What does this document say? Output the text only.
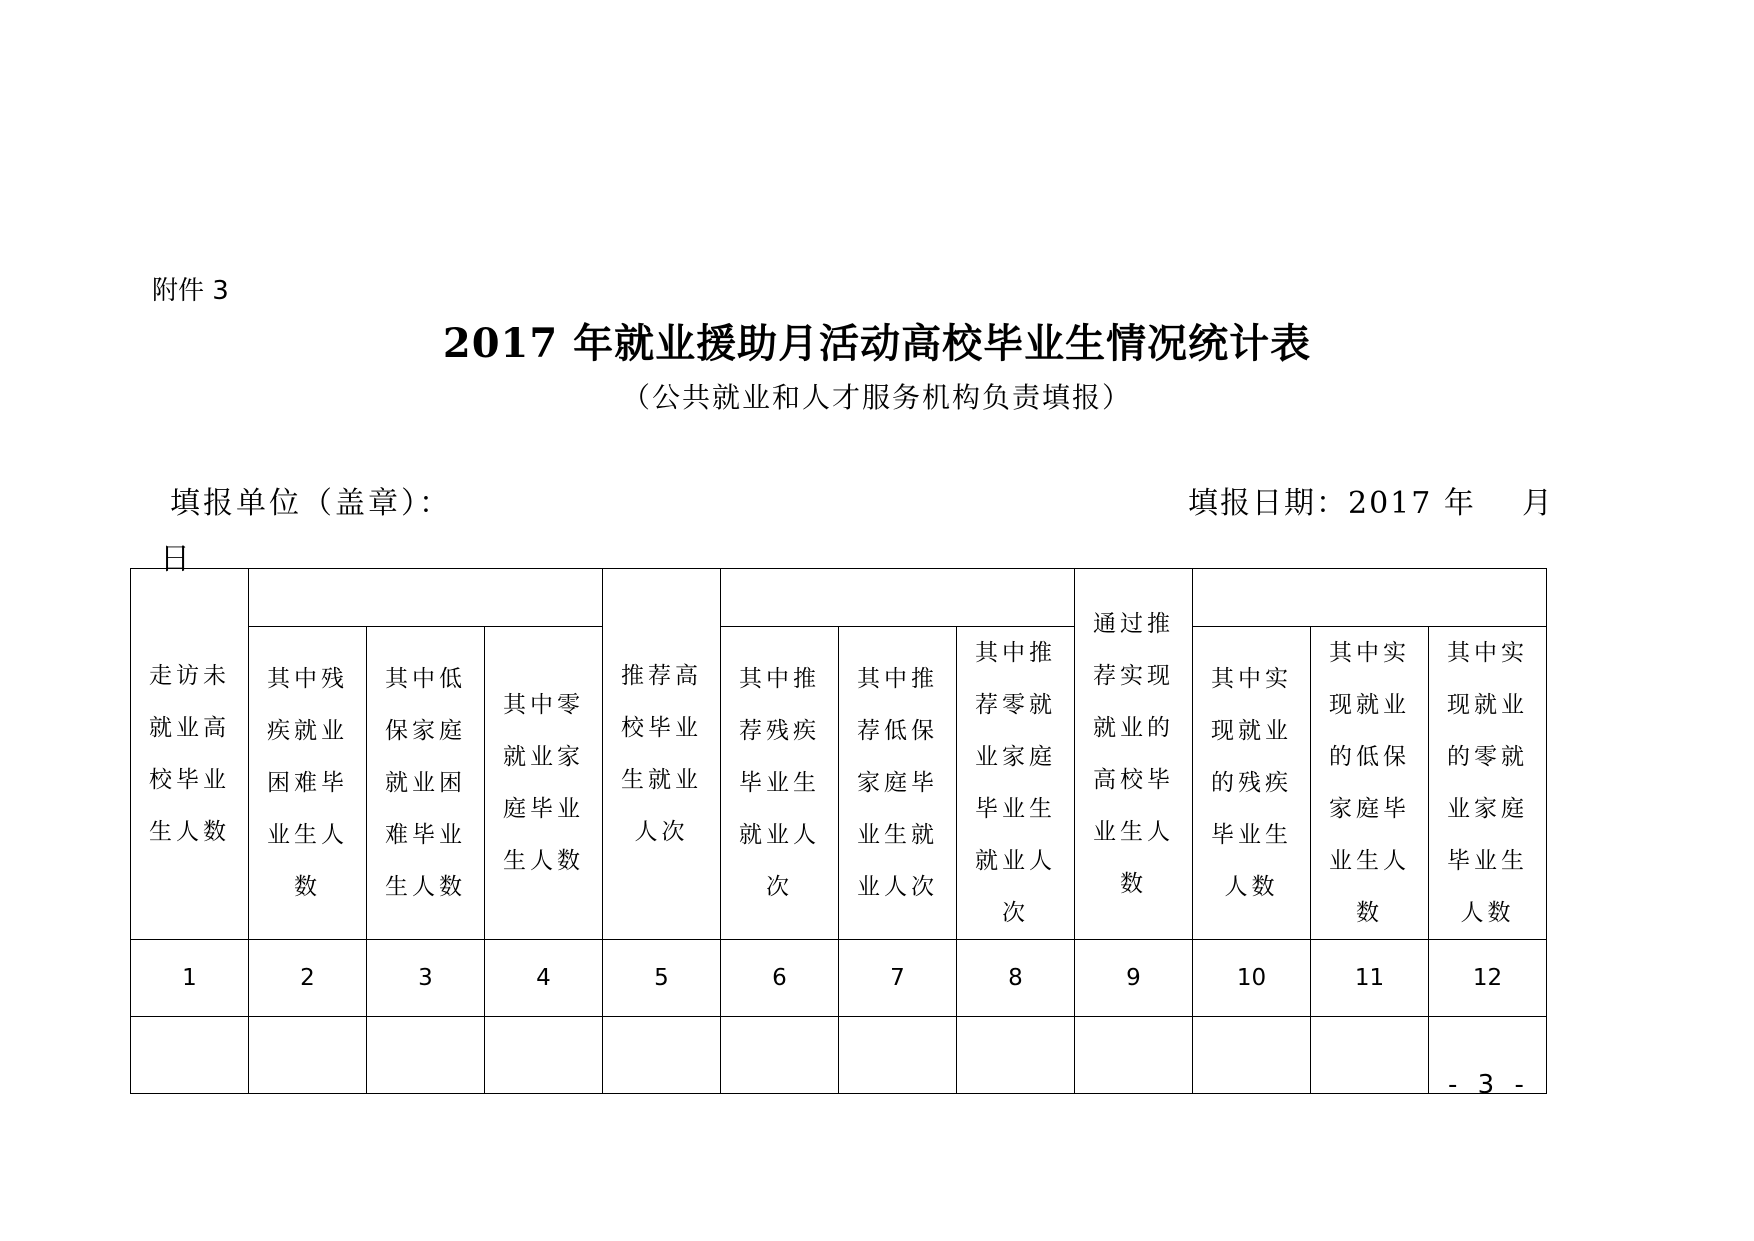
附件 3
2017 年就业援助月活动高校毕业生情况统计表
（公共就业和人才服务机构负责填报）
填报单位（盖章）：	填报日期：2017 年    月
日
走访未就业高校毕业生人数				推荐高校毕业生就业人次				通过推荐实现就业的高校毕业生人数			

	其中残疾就业困难毕业生人数	其中低保家庭就业困难毕业生人数	其中零就业家庭毕业生人数		其中推荐残疾毕业生就业人次	其中推荐低保家庭毕业生就业人次	其中推荐零就业家庭毕业生就业人次		其中实现就业的残疾毕业生人数	其中实现就业的低保家庭毕业生人数	其中实现就业的零就业家庭毕业生人数

1	2	3	4	5	6	7	8	9	10	11	12

- 3 -
